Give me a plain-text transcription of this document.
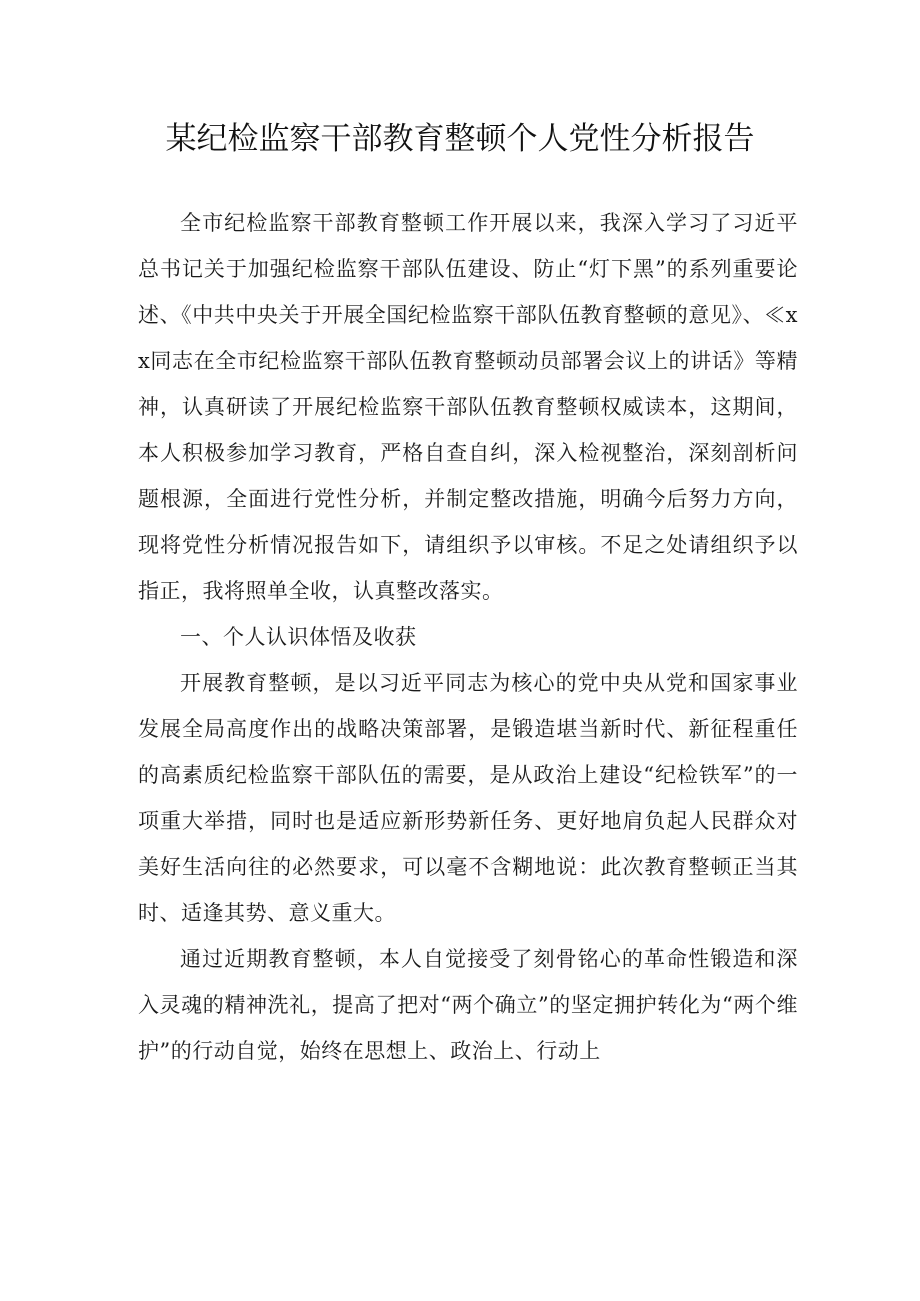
某纪检监察干部教育整顿个人党性分析报告

全市纪检监察干部教育整顿工作开展以来，我深入学习了习近平总书记关于加强纪检监察干部队伍建设、防止“灯下黑”的系列重要论述、《中共中央关于开展全国纪检监察干部队伍教育整顿的意见》、≪xx同志在全市纪检监察干部队伍教育整顿动员部署会议上的讲话》等精神，认真研读了开展纪检监察干部队伍教育整顿权威读本，这期间，本人积极参加学习教育，严格自查自纠，深入检视整治，深刻剖析问题根源，全面进行党性分析，并制定整改措施，明确今后努力方向，现将党性分析情况报告如下，请组织予以审核。不足之处请组织予以指正，我将照单全收，认真整改落实。

一、个人认识体悟及收获

开展教育整顿，是以习近平同志为核心的党中央从党和国家事业发展全局高度作出的战略决策部署，是锻造堪当新时代、新征程重任的高素质纪检监察干部队伍的需要，是从政治上建设“纪检铁军”的一项重大举措，同时也是适应新形势新任务、更好地肩负起人民群众对美好生活向往的必然要求，可以毫不含糊地说：此次教育整顿正当其时、适逢其势、意义重大。

通过近期教育整顿，本人自觉接受了刻骨铭心的革命性锻造和深入灵魂的精神洗礼，提高了把对“两个确立”的坚定拥护转化为“两个维护”的行动自觉，始终在思想上、政治上、行动上
